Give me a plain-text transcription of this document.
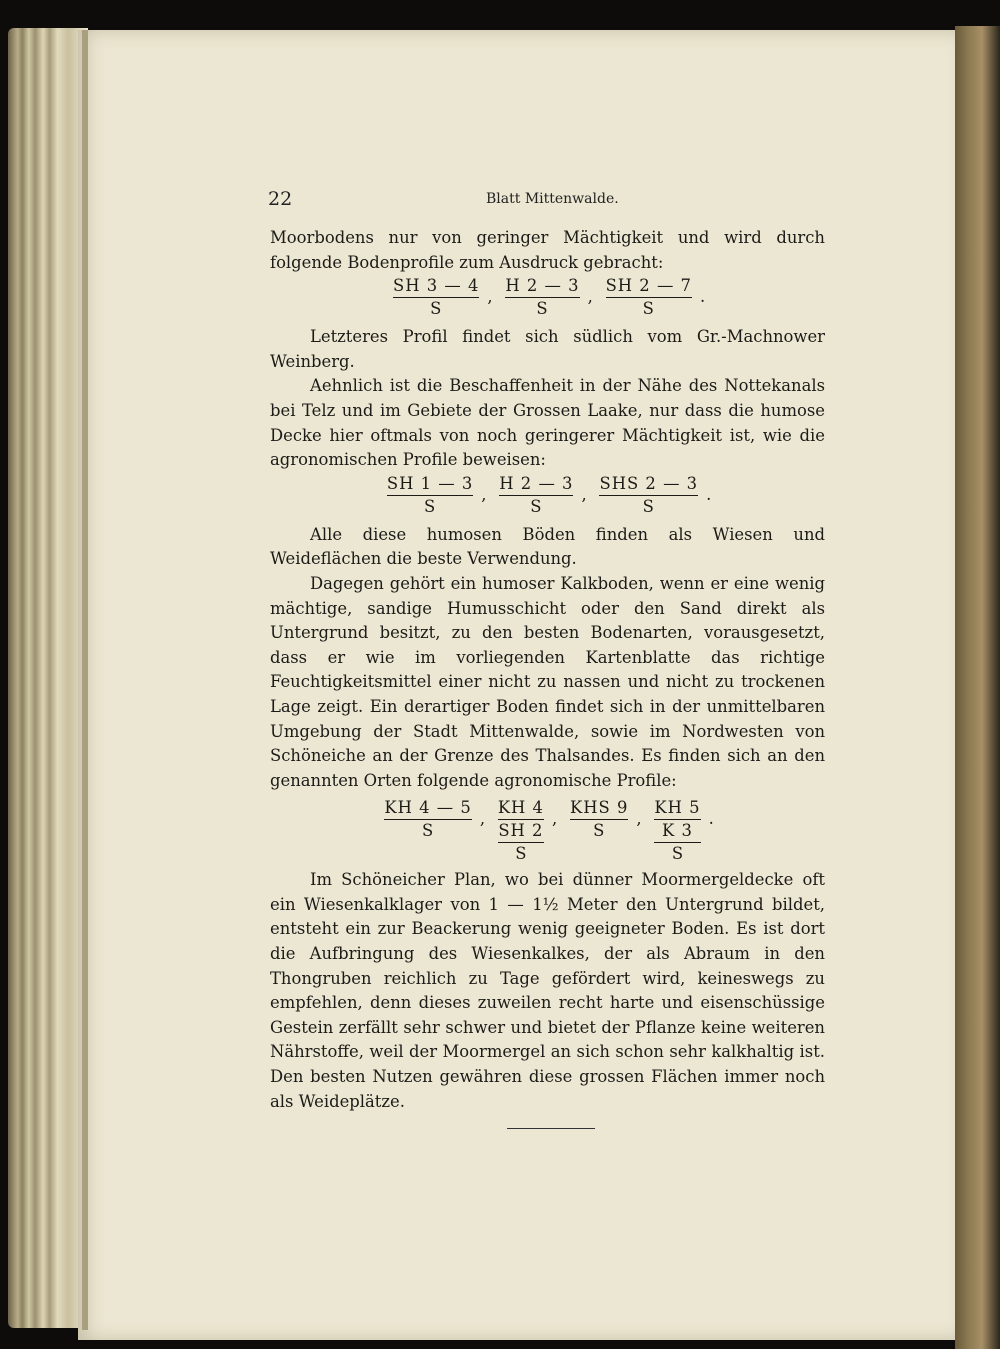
22	Blatt Mittenwalde.

Moorbodens nur von geringer Mächtigkeit und wird durch folgende Bodenprofile zum Ausdruck gebracht:

$\frac{SH 3 — 4}{S}$ , $\frac{H 2 — 3}{S}$ , $\frac{SH 2 — 7}{S}$ .

Letzteres Profil findet sich südlich vom Gr.-Machnower Weinberg.

Aehnlich ist die Beschaffenheit in der Nähe des Nottekanals bei Telz und im Gebiete der Grossen Laake, nur dass die humose Decke hier oftmals von noch geringerer Mächtigkeit ist, wie die agronomischen Profile beweisen:

$\frac{SH 1 — 3}{S}$ , $\frac{H 2 — 3}{S}$ , $\frac{\text{SHS 2 — 3}}{S}$ .

Alle diese humosen Böden finden als Wiesen und Weideflächen die beste Verwendung.

Dagegen gehört ein humoser Kalkboden, wenn er eine wenig mächtige, sandige Humusschicht oder den Sand direkt als Untergrund besitzt, zu den besten Bodenarten, vorausgesetzt, dass er wie im vorliegenden Kartenblatte das richtige Feuchtigkeitsmittel einer nicht zu nassen und nicht zu trockenen Lage zeigt. Ein derartiger Boden findet sich in der unmittelbaren Umgebung der Stadt Mittenwalde, sowie im Nordwesten von Schöneiche an der Grenze des Thalsandes. Es finden sich an den genannten Orten folgende agronomische Profile:

$\frac{KH 4 — 5}{S}$ ,
KH 4
SH 2
S
, $\frac{\text{KHS 9}}{S}$ ,
KH 5
K 3
S
.

Im Schöneicher Plan, wo bei dünner Moormergeldecke oft ein Wiesenkalklager von 1 — 1½ Meter den Untergrund bildet, entsteht ein zur Beackerung wenig geeigneter Boden. Es ist dort die Aufbringung des Wiesenkalkes, der als Abraum in den Thongruben reichlich zu Tage gefördert wird, keineswegs zu empfehlen, denn dieses zuweilen recht harte und eisenschüssige Gestein zerfällt sehr schwer und bietet der Pflanze keine weiteren Nährstoffe, weil der Moormergel an sich schon sehr kalkhaltig ist. Den besten Nutzen gewähren diese grossen Flächen immer noch als Weideplätze.
